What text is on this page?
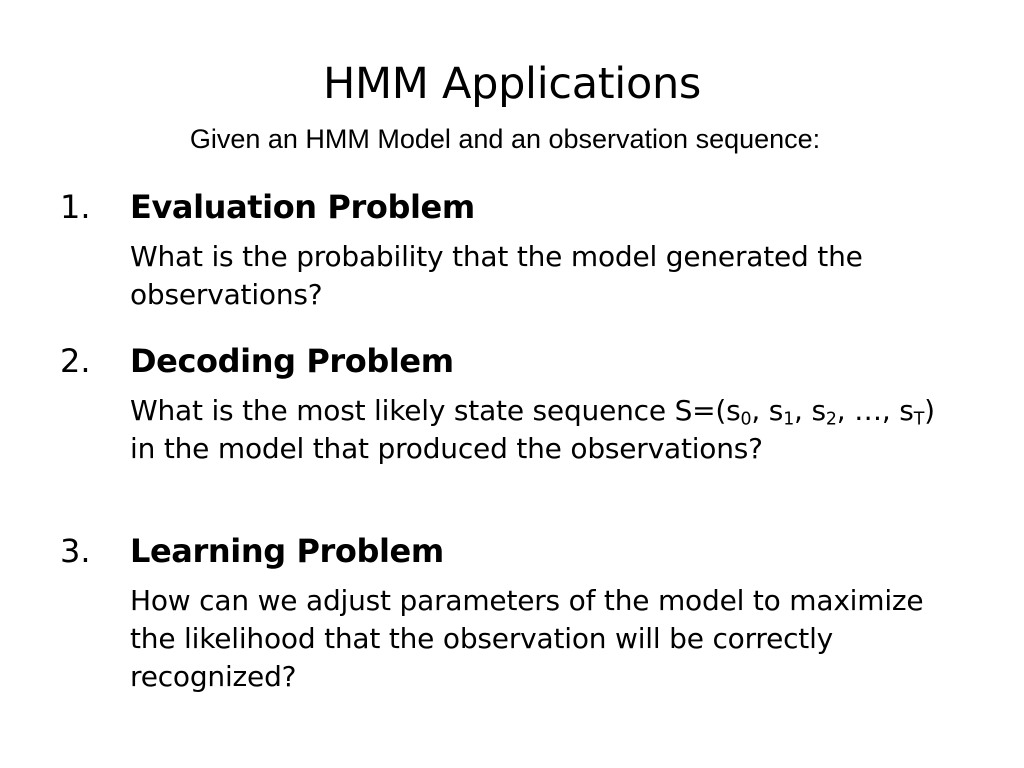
HMM Applications
Given an HMM Model and an observation sequence:
1. Evaluation Problem
What is the probability that the model generated the observations?
2. Decoding Problem
What is the most likely state sequence $S=(s_0$, $s_1$, $s_2$, …, $s_T$) in the model that produced the observations?
3. Learning Problem
How can we adjust parameters of the model to maximize the likelihood that the observation will be correctly recognized?
